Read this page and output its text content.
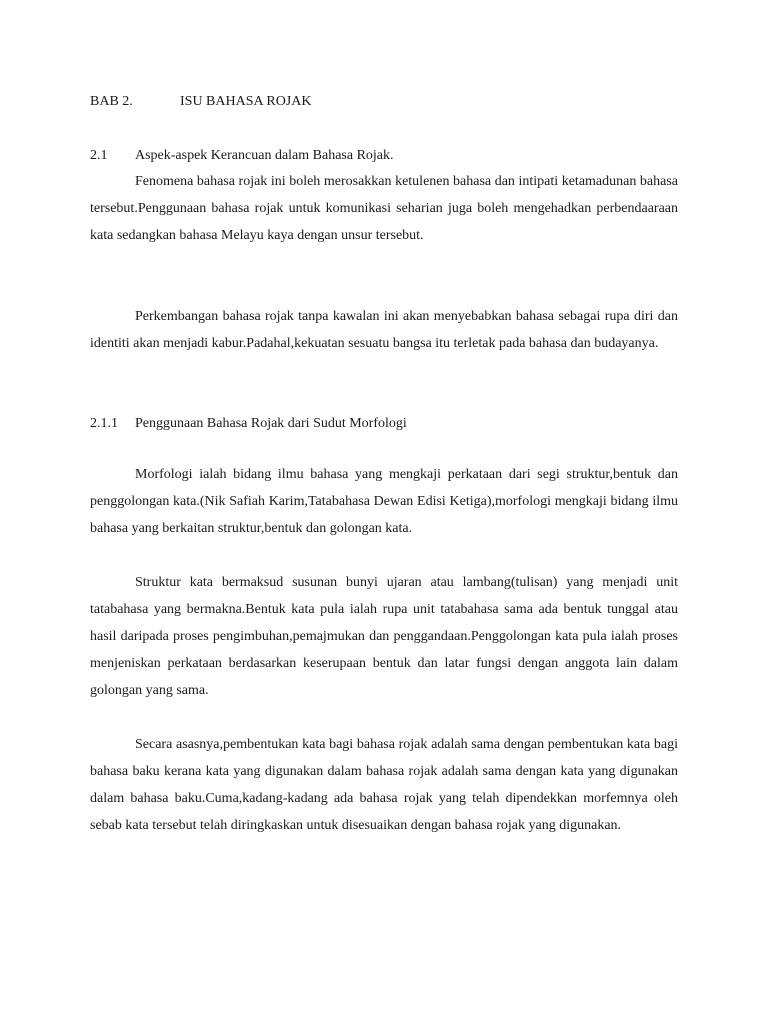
BAB 2.	ISU BAHASA ROJAK
2.1 Aspek-aspek Kerancuan dalam Bahasa Rojak.

Fenomena bahasa rojak ini boleh merosakkan ketulenen bahasa dan intipati ketamadunan bahasa tersebut.Penggunaan bahasa rojak untuk komunikasi seharian juga boleh mengehadkan perbendaaraan kata sedangkan bahasa Melayu kaya dengan unsur tersebut.

Perkembangan bahasa rojak tanpa kawalan ini akan menyebabkan bahasa sebagai rupa diri dan identiti akan menjadi kabur.Padahal,kekuatan sesuatu bangsa itu terletak pada bahasa dan budayanya.

2.1.1 Penggunaan Bahasa Rojak dari Sudut Morfologi

Morfologi ialah bidang ilmu bahasa yang mengkaji perkataan dari segi struktur,bentuk dan penggolongan kata.(Nik Safiah Karim,Tatabahasa Dewan Edisi Ketiga),morfologi mengkaji bidang ilmu bahasa yang berkaitan struktur,bentuk dan golongan kata.

Struktur kata bermaksud susunan bunyi ujaran atau lambang(tulisan) yang menjadi unit tatabahasa yang bermakna.Bentuk kata pula ialah rupa unit tatabahasa sama ada bentuk tunggal atau hasil daripada proses pengimbuhan,pemajmukan dan penggandaan.Penggolongan kata pula ialah proses menjeniskan perkataan berdasarkan keserupaan bentuk dan latar fungsi dengan anggota lain dalam golongan yang sama.

Secara asasnya,pembentukan kata bagi bahasa rojak adalah sama dengan pembentukan kata bagi bahasa baku kerana kata yang digunakan dalam bahasa rojak adalah sama dengan kata yang digunakan dalam bahasa baku.Cuma,kadang-kadang ada bahasa rojak yang telah dipendekkan morfemnya oleh sebab kata tersebut telah diringkaskan untuk disesuaikan dengan bahasa rojak yang digunakan.
